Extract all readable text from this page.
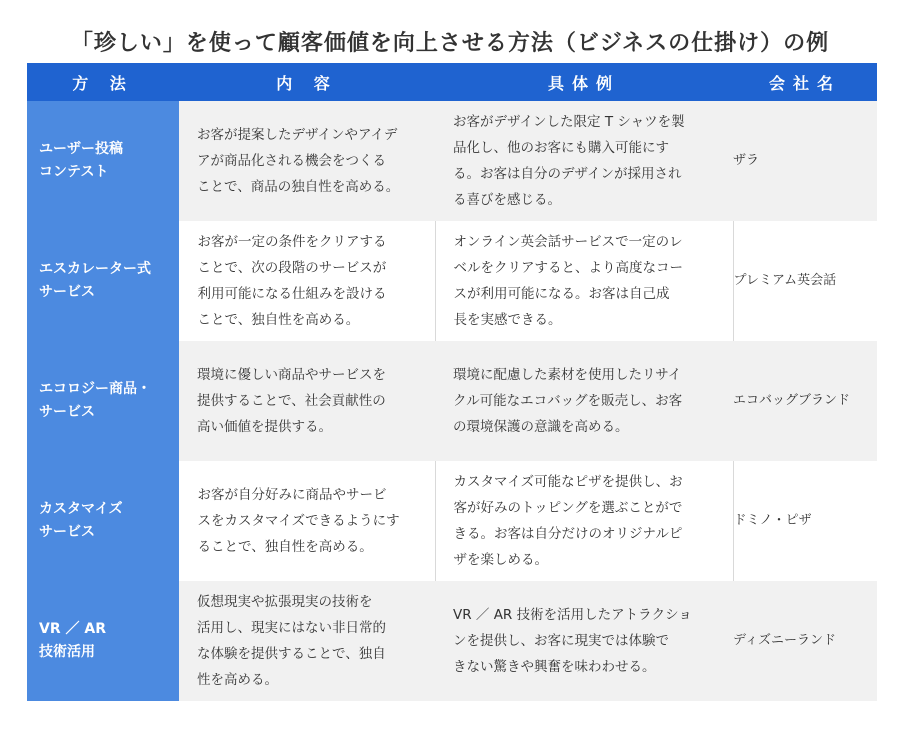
「珍しい」を使って顧客価値を向上させる方法（ビジネスの仕掛け）の例
方 法	内 容	具体例	会社名

ユーザー投稿
コンテスト	お客が提案したデザインやアイデ
アが商品化される機会をつくる
ことで、商品の独自性を高める。	お客がデザインした限定 T シャツを製
品化し、他のお客にも購入可能にす
る。お客は自分のデザインが採用され
る喜びを感じる。	ザラ

エスカレーター式
サービス	お客が一定の条件をクリアする
ことで、次の段階のサービスが
利用可能になる仕組みを設ける
ことで、独自性を高める。	オンライン英会話サービスで一定のレ
ベルをクリアすると、より高度なコー
スが利用可能になる。お客は自己成
長を実感できる。	プレミアム英会話

エコロジー商品・
サービス	環境に優しい商品やサービスを
提供することで、社会貢献性の
高い価値を提供する。	環境に配慮した素材を使用したリサイ
クル可能なエコバッグを販売し、お客
の環境保護の意識を高める。	エコバッグブランド

カスタマイズ
サービス	お客が自分好みに商品やサービ
スをカスタマイズできるようにす
ることで、独自性を高める。	カスタマイズ可能なピザを提供し、お
客が好みのトッピングを選ぶことがで
きる。お客は自分だけのオリジナルピ
ザを楽しめる。	ドミノ・ピザ

VR ／ AR
技術活用	仮想現実や拡張現実の技術を
活用し、現実にはない非日常的
な体験を提供することで、独自
性を高める。	VR ／ AR 技術を活用したアトラクショ
ンを提供し、お客に現実では体験で
きない驚きや興奮を味わわせる。	ディズニーランド
